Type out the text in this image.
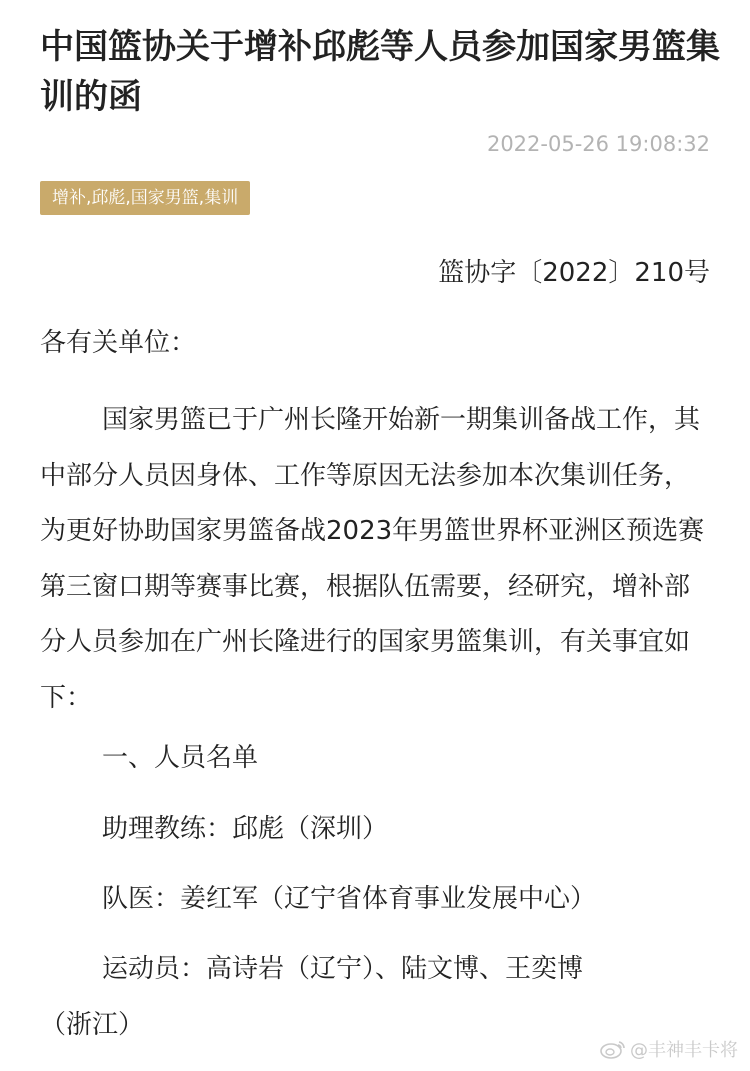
中国篮协关于增补邱彪等人员参加国家男篮集训的函
2022-05-26 19:08:32
增补,邱彪,国家男篮,集训
篮协字〔2022〕210号
各有关单位：

国家男篮已于广州长隆开始新一期集训备战工作，其中部分人员因身体、工作等原因无法参加本次集训任务，为更好协助国家男篮备战2023年男篮世界杯亚洲区预选赛第三窗口期等赛事比赛，根据队伍需要，经研究，增补部分人员参加在广州长隆进行的国家男篮集训，有关事宜如下：

一、人员名单
助理教练：邱彪（深圳）
队医：姜红军（辽宁省体育事业发展中心）
运动员：高诗岩（辽宁）、陆文博、王奕博
（浙江）
@丰神丰卡将
